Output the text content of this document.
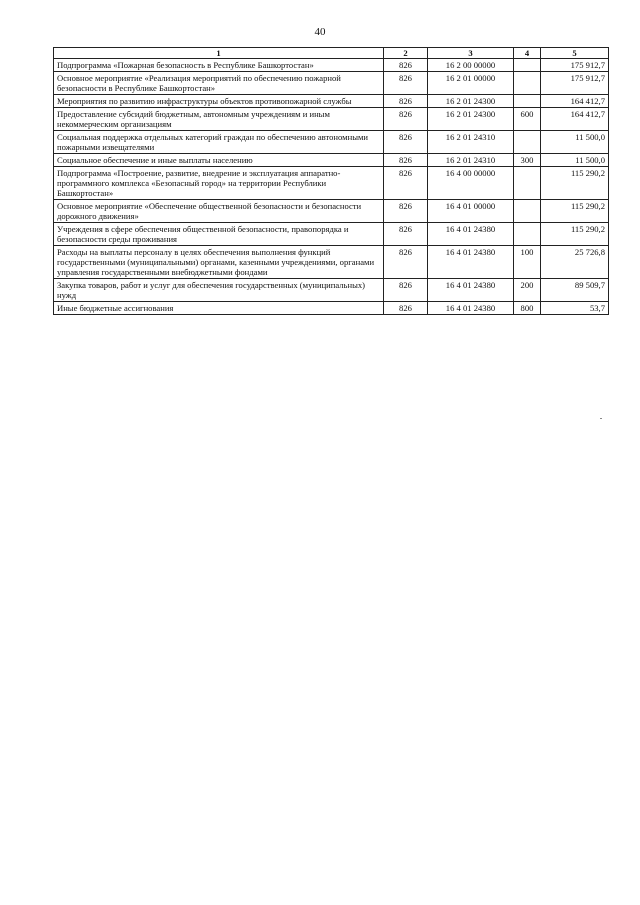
40
1	2	3	4	5
Подпрограмма «Пожарная безопасность в Республике Башкортостан»	826	16 2 00 00000		175 912,7
Основное мероприятие «Реализация мероприятий по обеспечению пожарной безопасности в Республике Башкортостан»	826	16 2 01 00000		175 912,7
Мероприятия по развитию инфраструктуры объектов противопожарной службы	826	16 2 01 24300		164 412,7
Предоставление субсидий бюджетным, автономным учреждениям и иным некоммерческим организациям	826	16 2 01 24300	600	164 412,7
Социальная поддержка отдельных категорий граждан по обеспечению автономными пожарными извещателями	826	16 2 01 24310		11 500,0
Социальное обеспечение и иные выплаты населению	826	16 2 01 24310	300	11 500,0
Подпрограмма «Построение, развитие, внедрение и эксплуатация аппаратно-программного комплекса «Безопасный город» на территории Республики Башкортостан»	826	16 4 00 00000		115 290,2
Основное мероприятие «Обеспечение общественной безопасности и безопасности дорожного движения»	826	16 4 01 00000		115 290,2
Учреждения в сфере обеспечения общественной безопасности, правопорядка и безопасности среды проживания	826	16 4 01 24380		115 290,2
Расходы на выплаты персоналу в целях обеспечения выполнения функций государственными (муниципальными) органами, казенными учреждениями, органами управления государственными внебюджетными фондами	826	16 4 01 24380	100	25 726,8
Закупка товаров, работ и услуг для обеспечения государственных (муниципальных) нужд	826	16 4 01 24380	200	89 509,7
Иные бюджетные ассигнования	826	16 4 01 24380	800	53,7
